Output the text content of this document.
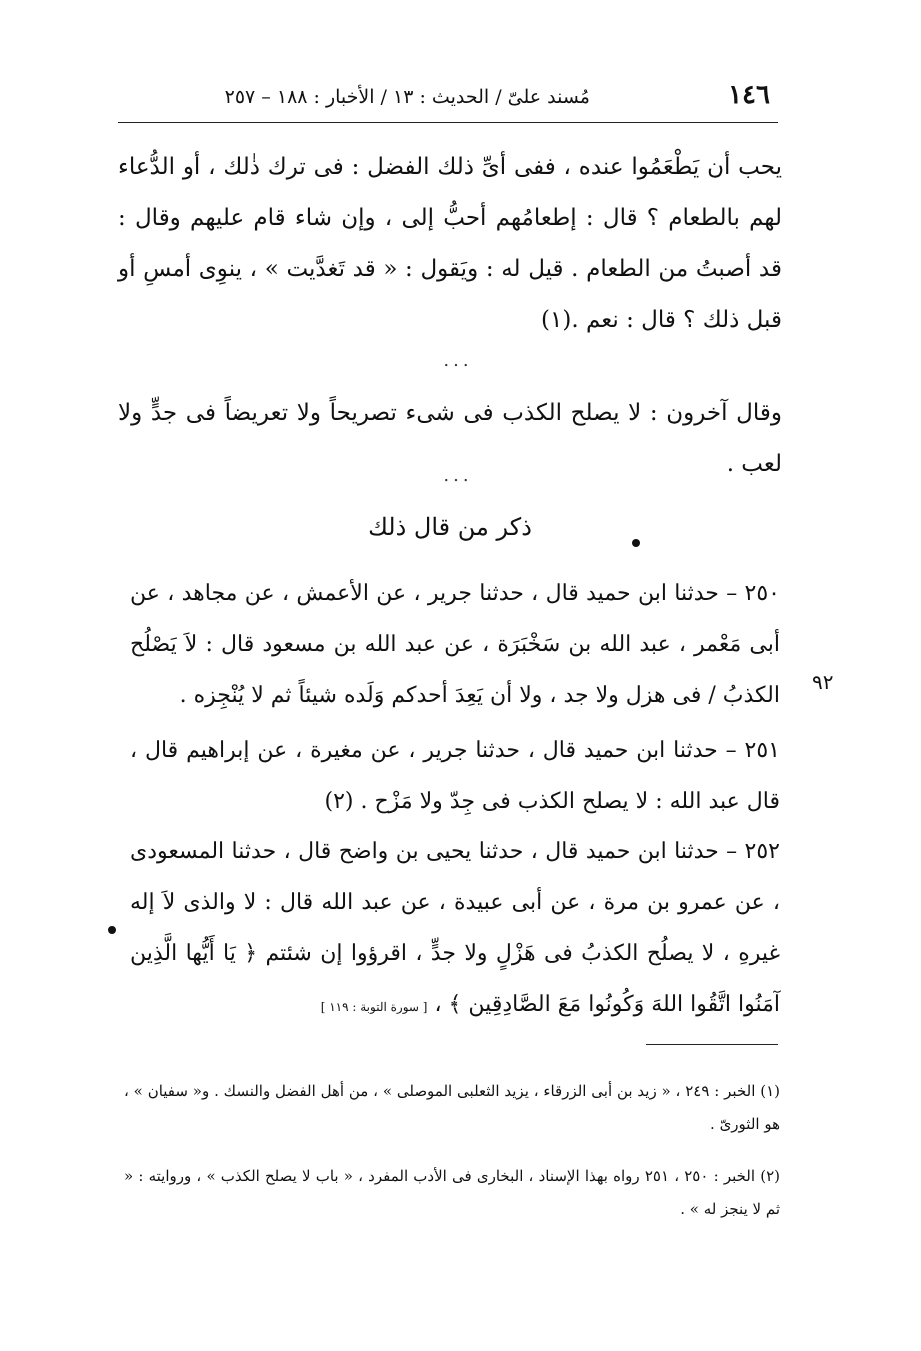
١٤٦
مُسند علىّ / الحديث : ١٣ / الأخبار : ١٨٨ – ٢٥٧
يحب أن يَطْعَمُوا عنده ، ففى أىِّ ذلك الفضل : فى ترك ذٰلك ، أو الدُّعاء لهم بالطعام ؟ قال : إطعامُهم أحبُّ إلى ، وإن شاء قام عليهم وقال : قد أصبتُ من الطعام . قيل له : ويَقول : « قد تَغدَّيت » ، ينوِى أمسِ أو قبل ذلك ؟ قال : نعم .(١)
...
وقال آخرون : لا يصلح الكذب فى شىء تصريحاً ولا تعريضاً فى جدٍّ ولا لعب .
...
ذكر من قال ذلك
٢٥٠ – حدثنا ابن حميد قال ، حدثنا جرير ، عن الأعمش ، عن مجاهد ، عن أبى مَعْمر ، عبد الله بن سَخْبَرَة ، عن عبد الله بن مسعود قال : لاَ يَصْلُح الكذبُ / فى هزل ولا جد ، ولا أن يَعِدَ أحدكم وَلَده شيئاً ثم لا يُنْجِزه .
٩٢
٢٥١ – حدثنا ابن حميد قال ، حدثنا جرير ، عن مغيرة ، عن إبراهيم قال ، قال عبد الله : لا يصلح الكذب فى جِدّ ولا مَزْح . (٢)
٢٥٢ – حدثنا ابن حميد قال ، حدثنا يحيى بن واضح قال ، حدثنا المسعودى ، عن عمرو بن مرة ، عن أبى عبيدة ، عن عبد الله قال : لا والذى لاَ إله غيرهِ ، لا يصلُح الكذبُ فى هَزْلٍ ولا جدٍّ ، اقرؤوا إن شئتم ﴿ يَا أَيُّها الَّذِين آمَنُوا اتَّقُوا اللهَ وَكُونُوا مَعَ الصَّادِقِين ﴾ ، [ سورة التوبة : ١١٩ ]
(١) الخبر : ٢٤٩ ، « زيد بن أبى الزرقاء ، يزيد الثعلبى الموصلى » ، من أهل الفضل والنسك . و« سفيان » ، هو الثورىّ .
(٢) الخبر : ٢٥٠ ، ٢٥١ رواه بهذا الإسناد ، البخارى فى الأدب المفرد ، « باب لا يصلح الكذب » ، وروايته : « ثم لا ينجز له » .
